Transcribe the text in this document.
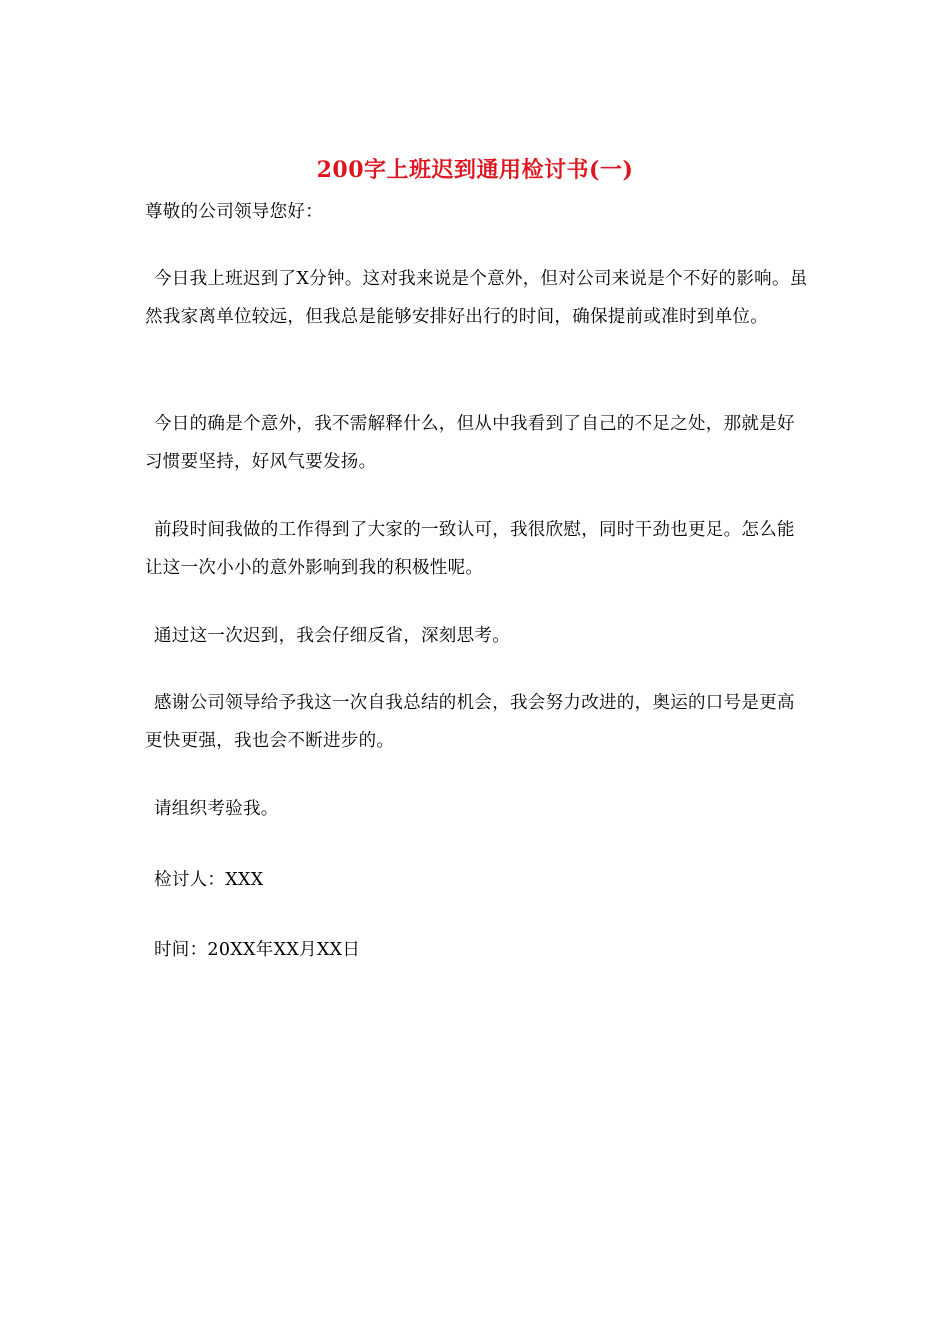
200字上班迟到通用检讨书(一)

尊敬的公司领导您好：

今日我上班迟到了X分钟。这对我来说是个意外，但对公司来说是个不好的影响。虽然我家离单位较远，但我总是能够安排好出行的时间，确保提前或准时到单位。

今日的确是个意外，我不需解释什么，但从中我看到了自己的不足之处，那就是好习惯要坚持，好风气要发扬。

前段时间我做的工作得到了大家的一致认可，我很欣慰，同时干劲也更足。怎么能让这一次小小的意外影响到我的积极性呢。

通过这一次迟到，我会仔细反省，深刻思考。

感谢公司领导给予我这一次自我总结的机会，我会努力改进的，奥运的口号是更高更快更强，我也会不断进步的。

请组织考验我。

检讨人：XXX

时间：20XX年XX月XX日
